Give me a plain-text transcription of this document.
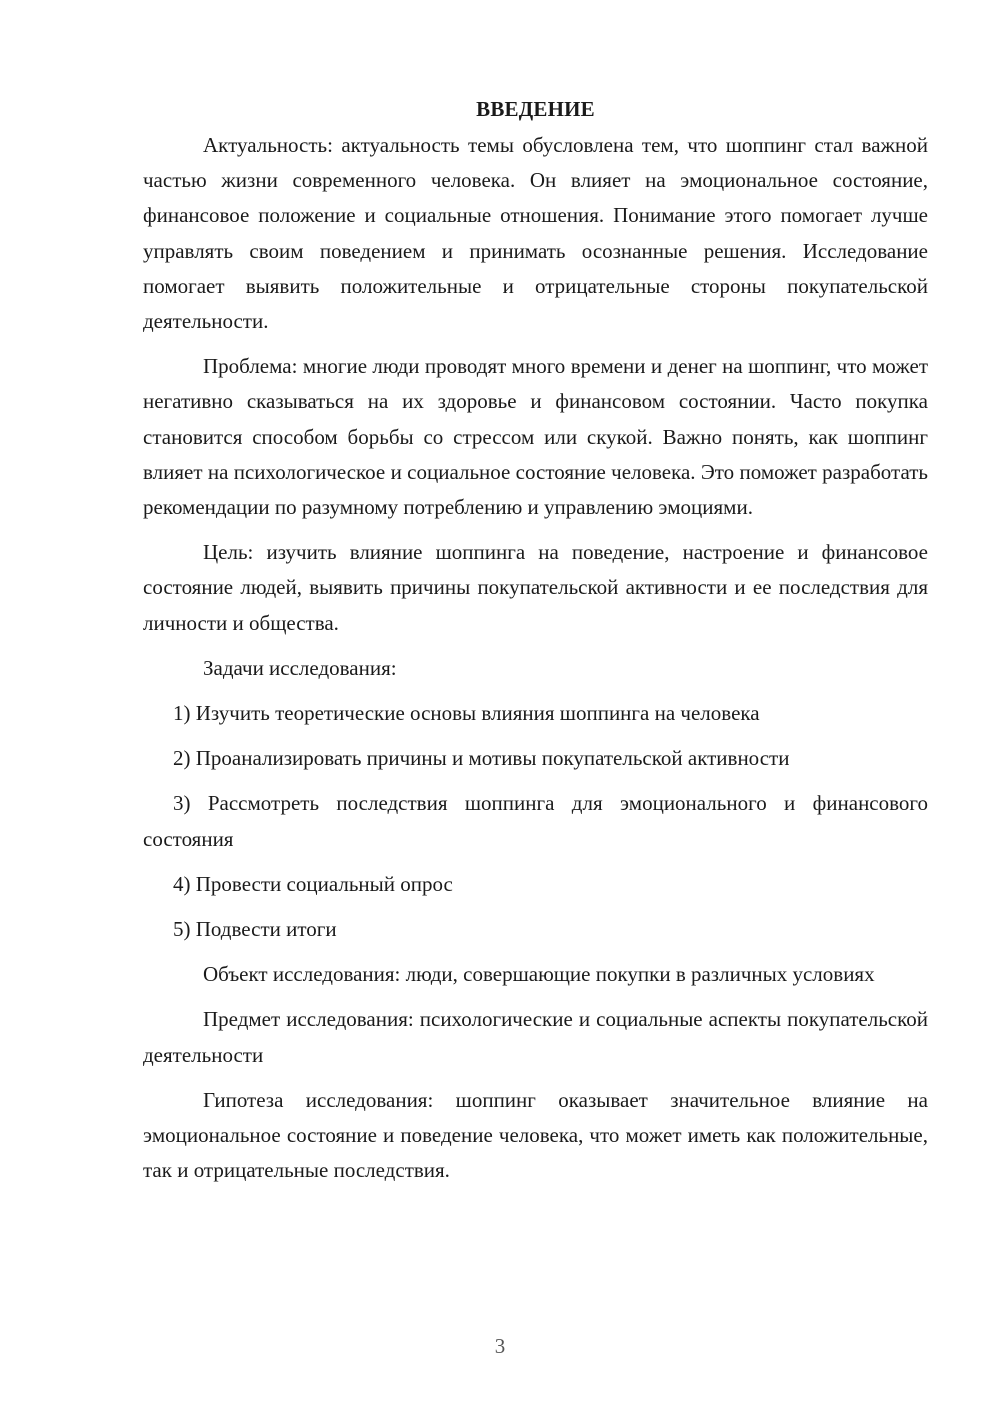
ВВЕДЕНИЕ

Актуальность: актуальность темы обусловлена тем, что шоппинг стал важной частью жизни современного человека. Он влияет на эмоциональное состояние, финансовое положение и социальные отношения. Понимание этого помогает лучше управлять своим поведением и принимать осознанные решения. Исследование помогает выявить положительные и отрицательные стороны покупательской деятельности.

Проблема: многие люди проводят много времени и денег на шоппинг, что может негативно сказываться на их здоровье и финансовом состоянии. Часто покупка становится способом борьбы со стрессом или скукой. Важно понять, как шоппинг влияет на психологическое и социальное состояние человека. Это поможет разработать рекомендации по разумному потреблению и управлению эмоциями.

Цель: изучить влияние шоппинга на поведение, настроение и финансовое состояние людей, выявить причины покупательской активности и ее последствия для личности и общества.

Задачи исследования:

1) Изучить теоретические основы влияния шоппинга на человека

2) Проанализировать причины и мотивы покупательской активности

3) Рассмотреть последствия шоппинга для эмоционального и финансового состояния

4) Провести социальный опрос

5) Подвести итоги

Объект исследования: люди, совершающие покупки в различных условиях

Предмет исследования: психологические и социальные аспекты покупательской деятельности

Гипотеза исследования: шоппинг оказывает значительное влияние на эмоциональное состояние и поведение человека, что может иметь как положительные, так и отрицательные последствия.

3
